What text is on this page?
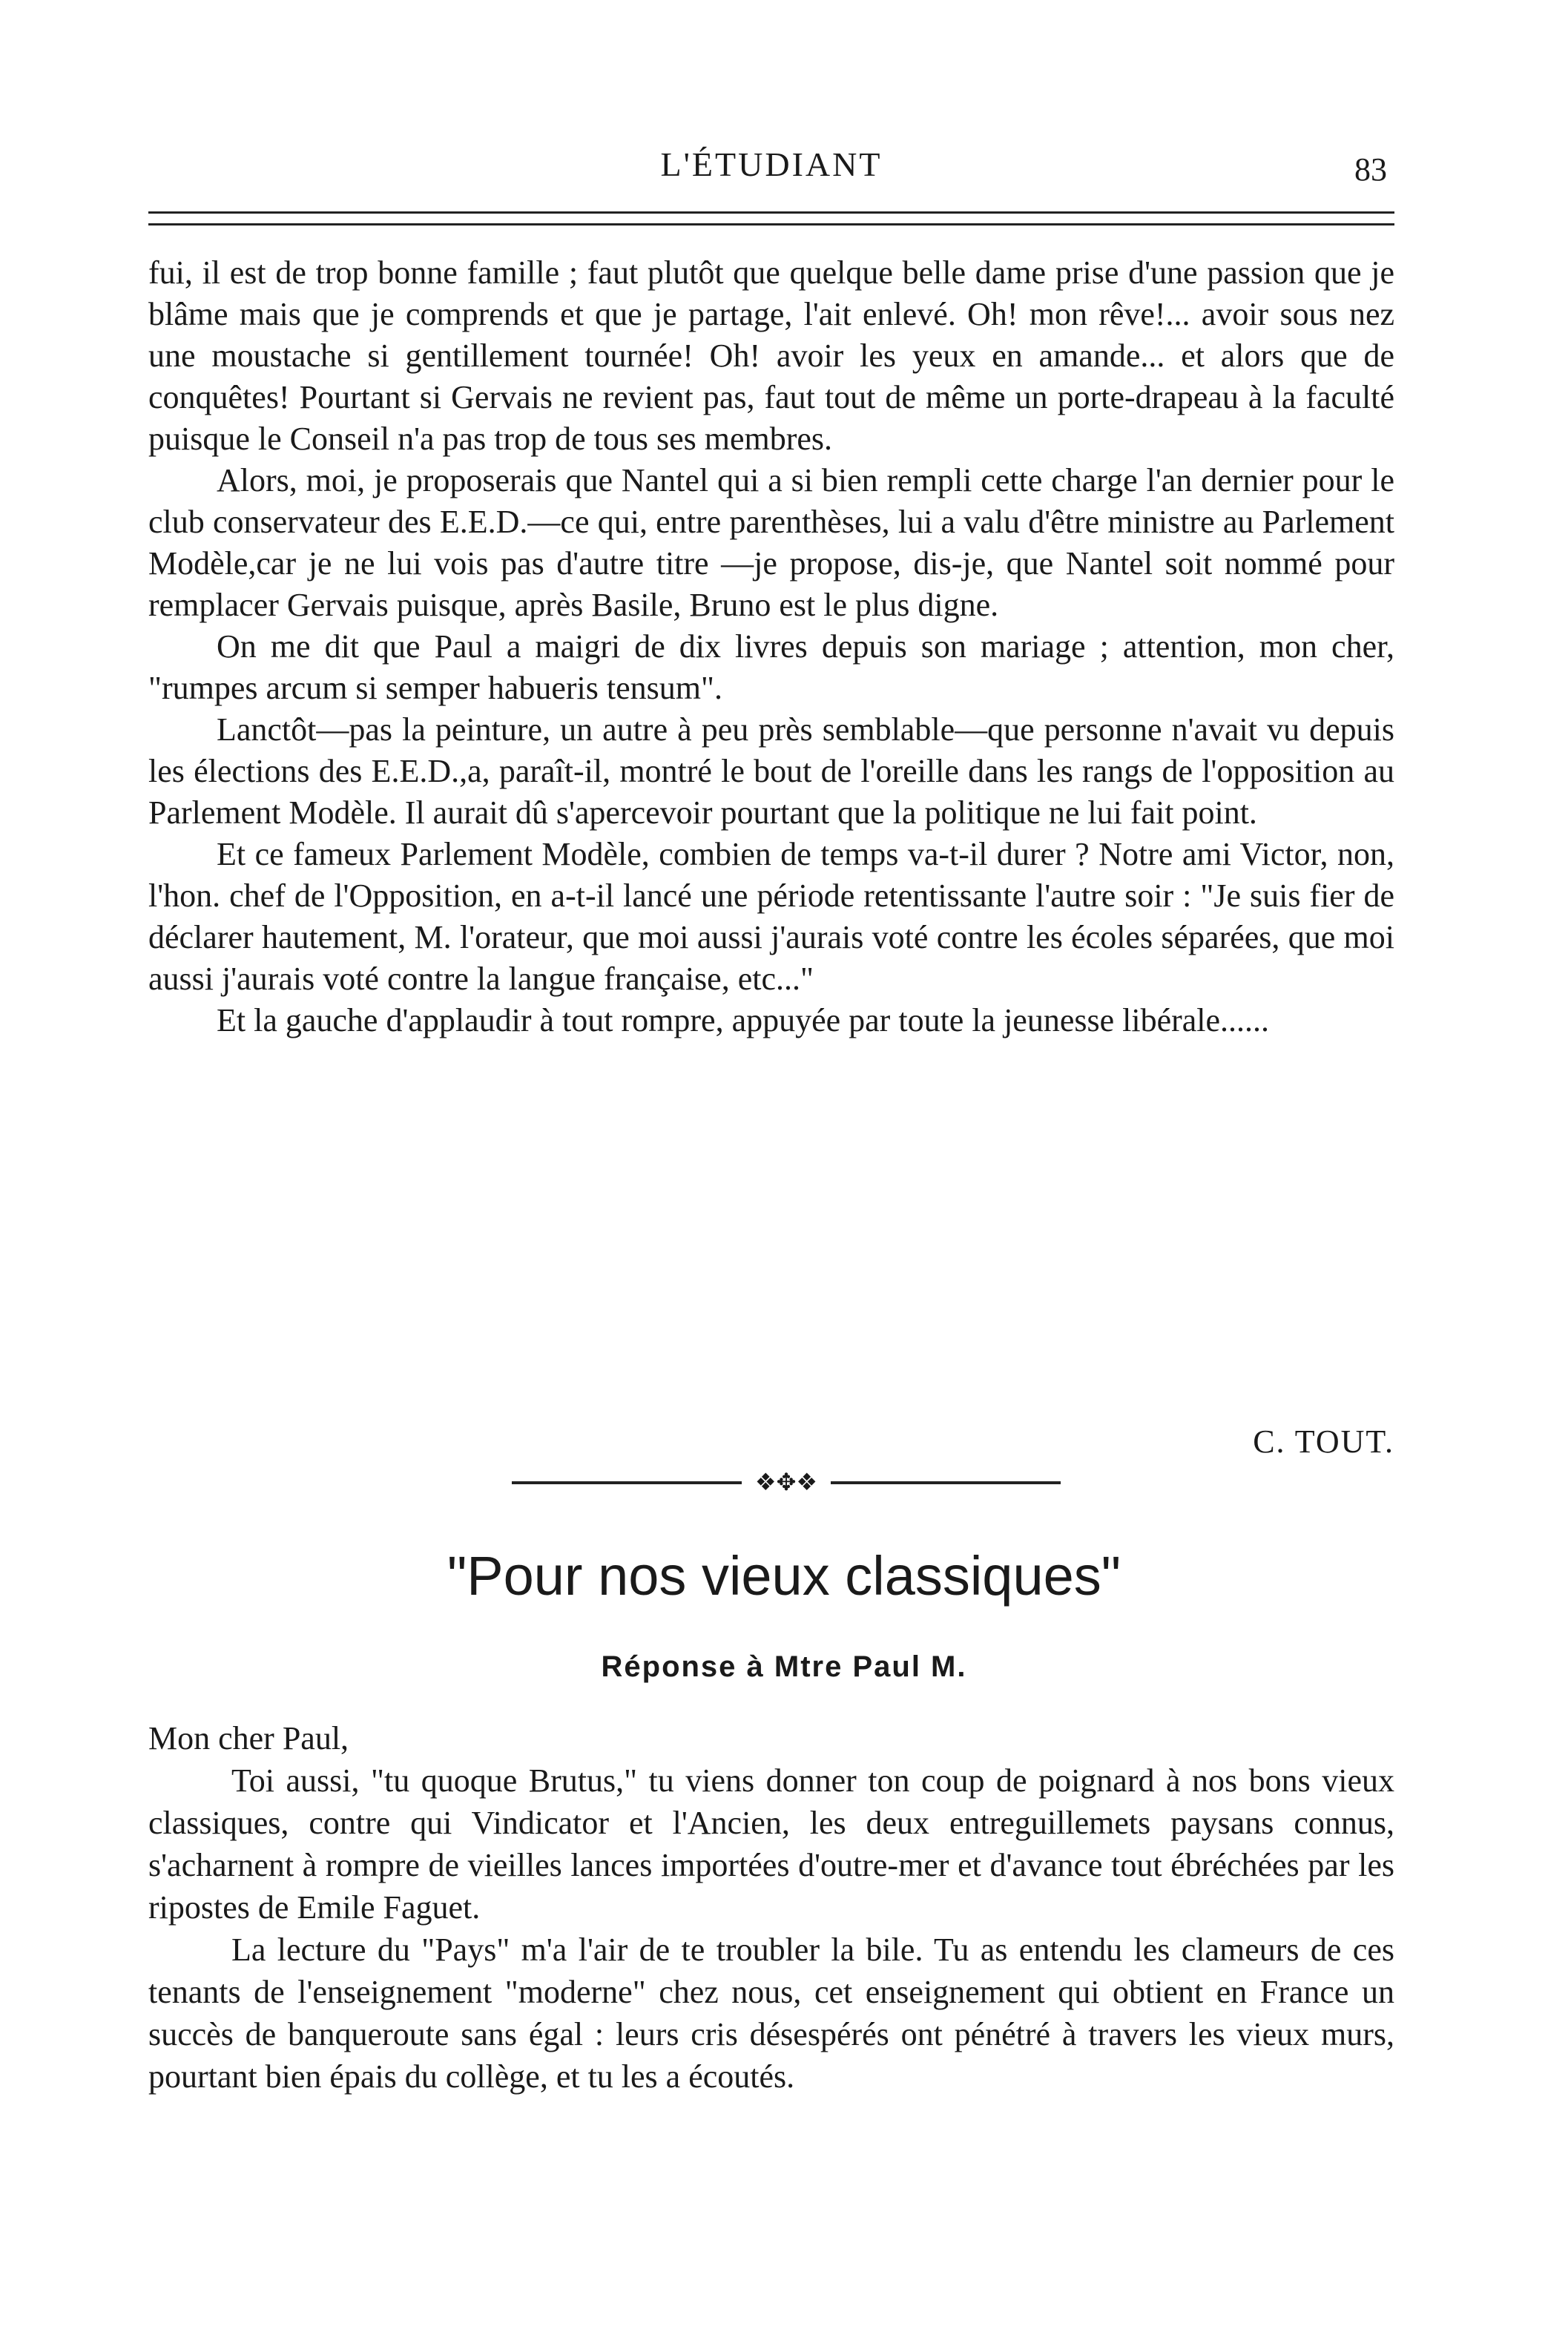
L'ÉTUDIANT	83

fui, il est de trop bonne famille ; faut plutôt que quelque belle dame prise d'une passion que je blâme mais que je comprends et que je partage, l'ait enlevé. Oh! mon rêve!... avoir sous nez une moustache si gentillement tournée! Oh! avoir les yeux en amande... et alors que de conquêtes! Pourtant si Gervais ne revient pas, faut tout de même un porte-drapeau à la faculté puisque le Conseil n'a pas trop de tous ses membres.

Alors, moi, je proposerais que Nantel qui a si bien rempli cette charge l'an dernier pour le club conservateur des E.E.D.—ce qui, entre parenthèses, lui a valu d'être ministre au Parlement Modèle,car je ne lui vois pas d'autre titre —je propose, dis-je, que Nantel soit nommé pour remplacer Gervais puisque, après Basile, Bruno est le plus digne.

On me dit que Paul a maigri de dix livres depuis son mariage ; attention, mon cher, "rumpes arcum si semper habueris tensum".

Lanctôt—pas la peinture, un autre à peu près semblable—que personne n'avait vu depuis les élections des E.E.D.,a, paraît-il, montré le bout de l'oreille dans les rangs de l'opposition au Parlement Modèle. Il aurait dû s'apercevoir pourtant que la politique ne lui fait point.

Et ce fameux Parlement Modèle, combien de temps va-t-il durer ? Notre ami Victor, non, l'hon. chef de l'Opposition, en a-t-il lancé une période retentissante l'autre soir : "Je suis fier de déclarer hautement, M. l'orateur, que moi aussi j'aurais voté contre les écoles séparées, que moi aussi j'aurais voté contre la langue française, etc..."

Et la gauche d'applaudir à tout rompre, appuyée par toute la jeunesse libérale......

C. TOUT.
❖✥❖
"Pour nos vieux classiques"
Réponse à Mtre Paul M.

Mon cher Paul,

Toi aussi, "tu quoque Brutus," tu viens donner ton coup de poignard à nos bons vieux classiques, contre qui Vindicator et l'Ancien, les deux entreguillemets paysans connus, s'acharnent à rompre de vieilles lances importées d'outre-mer et d'avance tout ébréchées par les ripostes de Emile Faguet.

La lecture du "Pays" m'a l'air de te troubler la bile. Tu as entendu les clameurs de ces tenants de l'enseignement "moderne" chez nous, cet enseignement qui obtient en France un succès de banqueroute sans égal : leurs cris désespérés ont pénétré à travers les vieux murs, pourtant bien épais du collège, et tu les a écoutés.
